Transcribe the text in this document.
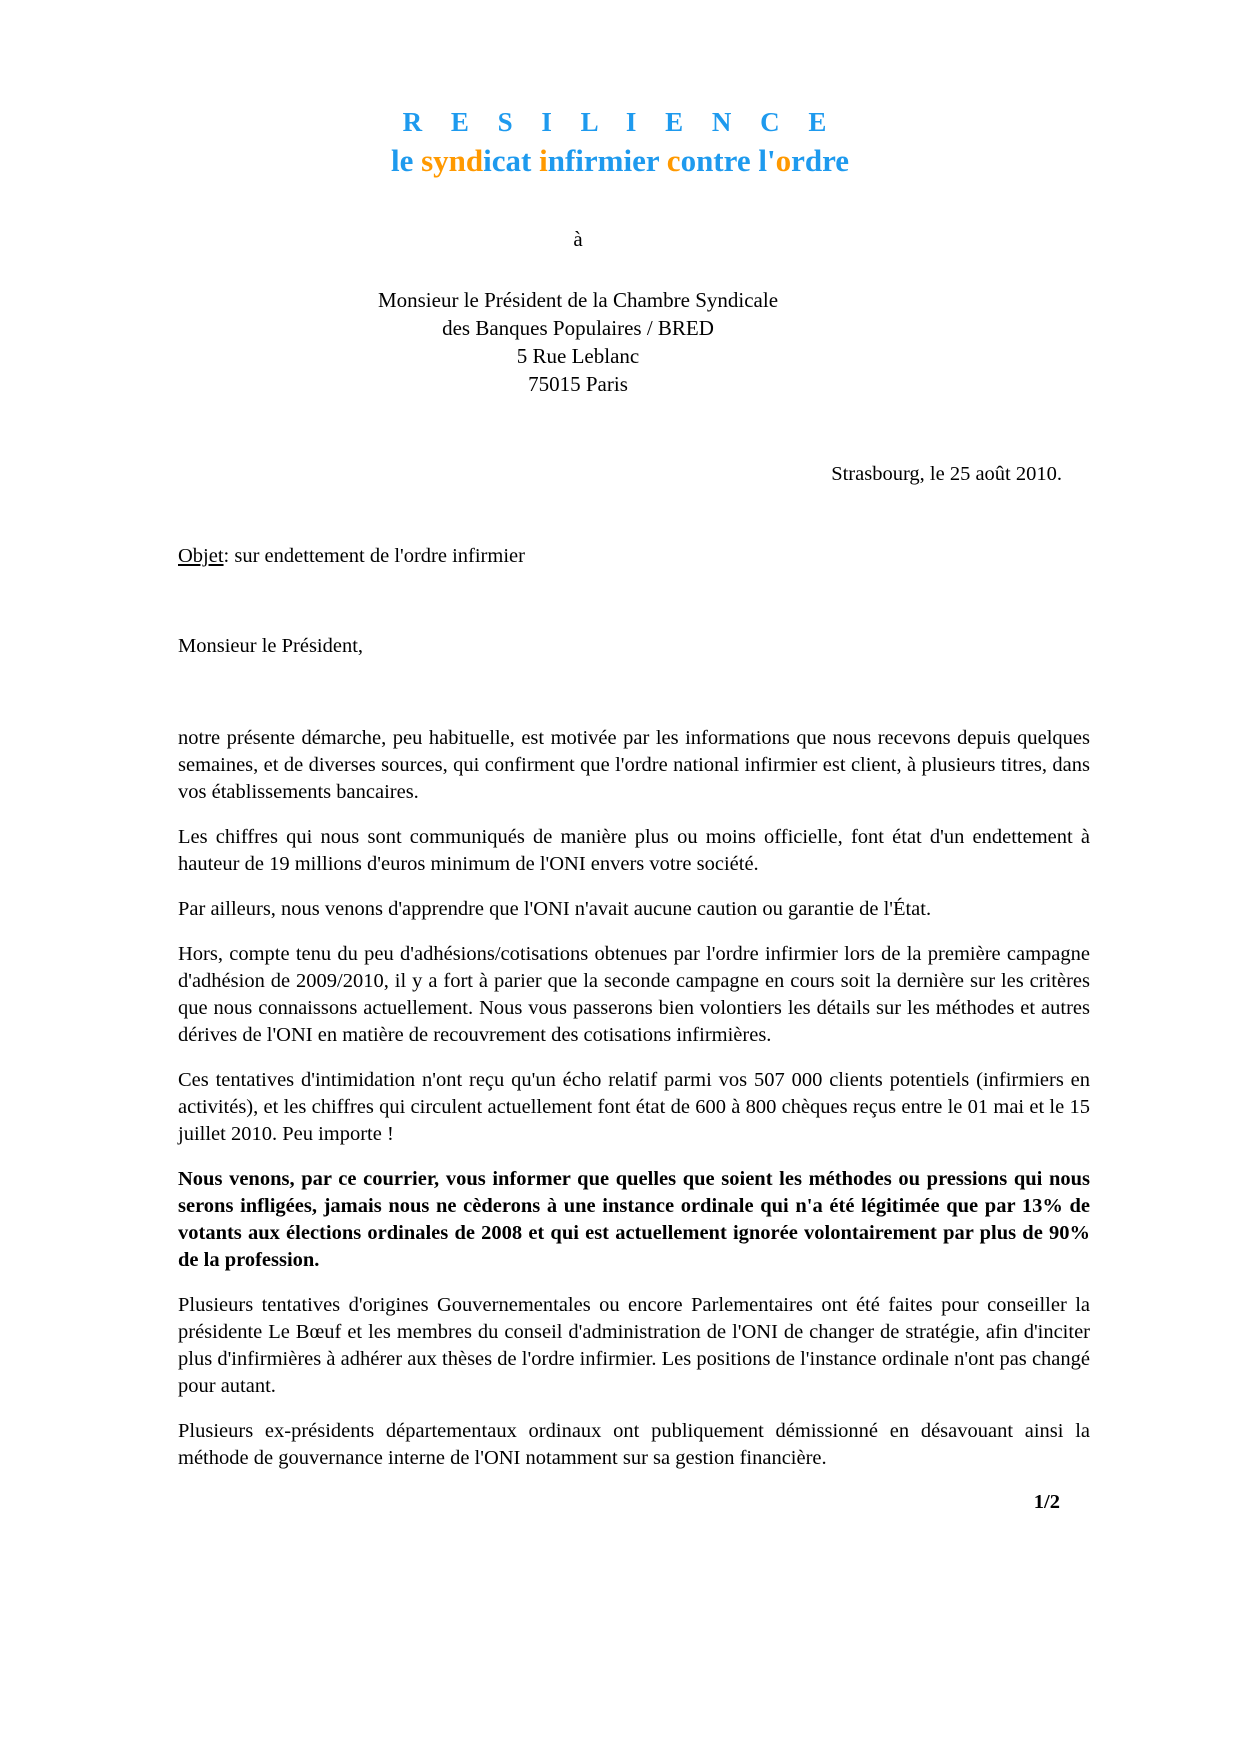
R E S I L I E N C E
le syndicat infirmier contre l'ordre
à
Monsieur le Président de la Chambre Syndicale
des Banques Populaires / BRED
5 Rue Leblanc
75015 Paris
Strasbourg, le 25 août 2010.
Objet: sur endettement de l'ordre infirmier
Monsieur le Président,

notre présente démarche, peu habituelle, est motivée par les informations que nous recevons depuis quelques semaines, et de diverses sources, qui confirment que l'ordre national infirmier est client, à plusieurs titres, dans vos établissements bancaires.

Les chiffres qui nous sont communiqués de manière plus ou moins officielle, font état d'un endettement à hauteur de 19 millions d'euros minimum de l'ONI envers votre société.

Par ailleurs, nous venons d'apprendre que l'ONI n'avait aucune caution ou garantie de l'État.

Hors, compte tenu du peu d'adhésions/cotisations obtenues par l'ordre infirmier lors de la première campagne d'adhésion de 2009/2010, il y a fort à parier que la seconde campagne en cours soit la dernière sur les critères que nous connaissons actuellement. Nous vous passerons bien volontiers les détails sur les méthodes et autres dérives de l'ONI en matière de recouvrement des cotisations infirmières.

Ces tentatives d'intimidation n'ont reçu qu'un écho relatif parmi vos 507 000 clients potentiels (infirmiers en activités), et les chiffres qui circulent actuellement font état de 600 à 800 chèques reçus entre le 01 mai et le 15 juillet 2010. Peu importe !

Nous venons, par ce courrier, vous informer que quelles que soient les méthodes ou pressions qui nous serons infligées, jamais nous ne cèderons à une instance ordinale qui n'a été légitimée que par 13% de votants aux élections ordinales de 2008 et qui est actuellement ignorée volontairement par plus de 90% de la profession.

Plusieurs tentatives d'origines Gouvernementales ou encore Parlementaires ont été faites pour conseiller la présidente Le Bœuf et les membres du conseil d'administration de l'ONI de changer de stratégie, afin d'inciter plus d'infirmières à adhérer aux thèses de l'ordre infirmier. Les positions de l'instance ordinale n'ont pas changé pour autant.

Plusieurs ex-présidents départementaux ordinaux ont publiquement démissionné en désavouant ainsi la méthode de gouvernance interne de l'ONI notamment sur sa gestion financière.

1/2
